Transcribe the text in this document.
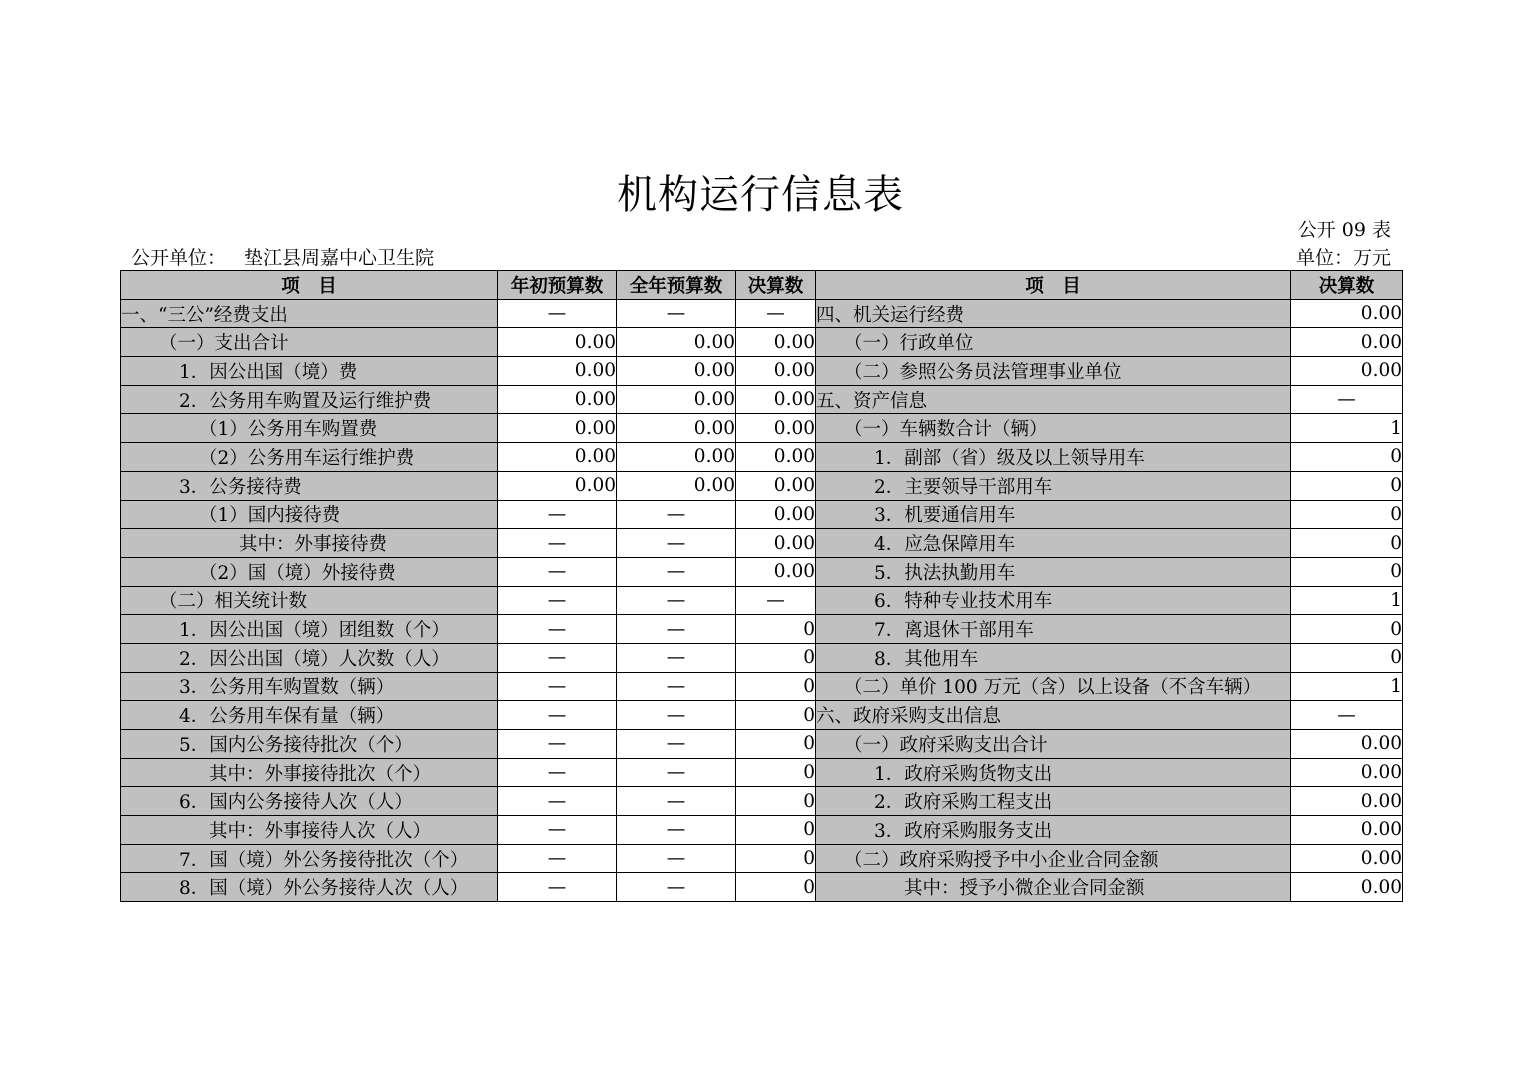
机构运行信息表
公开 09 表
公开单位： 垫江县周嘉中心卫生院	单位：万元
项　目	年初预算数	全年预算数	决算数	项　目	决算数
一、“三公”经费支出	—	—	—	四、机关运行经费	0.00
（一）支出合计	0.00	0.00	0.00	（一）行政单位	0.00
1．因公出国（境）费	0.00	0.00	0.00	（二）参照公务员法管理事业单位	0.00
2．公务用车购置及运行维护费	0.00	0.00	0.00	五、资产信息	—
（1）公务用车购置费	0.00	0.00	0.00	（一）车辆数合计（辆）	1
（2）公务用车运行维护费	0.00	0.00	0.00	1．副部（省）级及以上领导用车	0
3．公务接待费	0.00	0.00	0.00	2．主要领导干部用车	0
（1）国内接待费	—	—	0.00	3．机要通信用车	0
其中：外事接待费	—	—	0.00	4．应急保障用车	0
（2）国（境）外接待费	—	—	0.00	5．执法执勤用车	0
（二）相关统计数	—	—	—	6．特种专业技术用车	1
1．因公出国（境）团组数（个）	—	—	0	7．离退休干部用车	0
2．因公出国（境）人次数（人）	—	—	0	8．其他用车	0
3．公务用车购置数（辆）	—	—	0	（二）单价 100 万元（含）以上设备（不含车辆）	1
4．公务用车保有量（辆）	—	—	0	六、政府采购支出信息	—
5．国内公务接待批次（个）	—	—	0	（一）政府采购支出合计	0.00
其中：外事接待批次（个）	—	—	0	1．政府采购货物支出	0.00
6．国内公务接待人次（人）	—	—	0	2．政府采购工程支出	0.00
其中：外事接待人次（人）	—	—	0	3．政府采购服务支出	0.00
7．国（境）外公务接待批次（个）	—	—	0	（二）政府采购授予中小企业合同金额	0.00
8．国（境）外公务接待人次（人）	—	—	0	其中：授予小微企业合同金额	0.00
